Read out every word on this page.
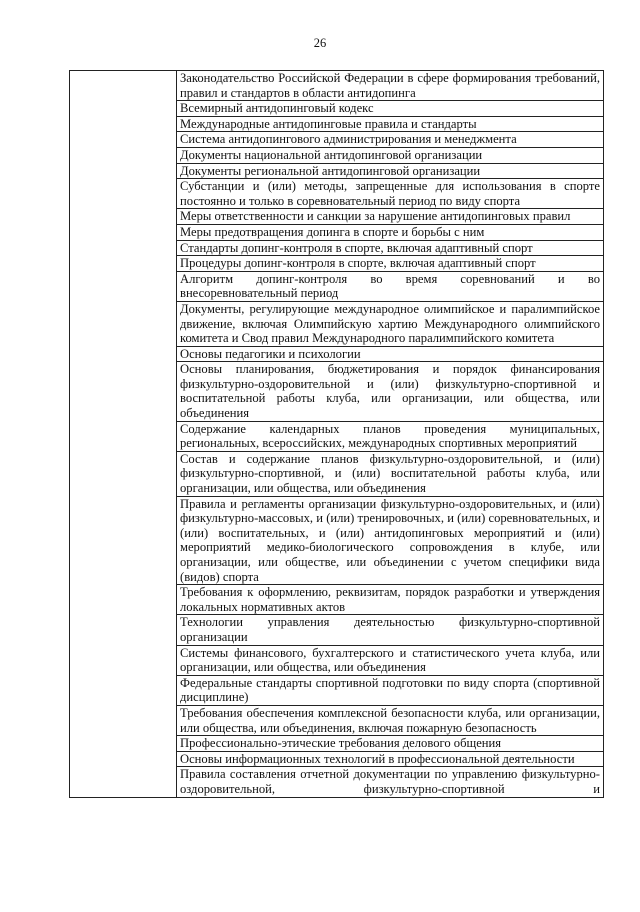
26
	Законодательство Российской Федерации в сфере формирования требований, правил и стандартов в области антидопинга
Всемирный антидопинговый кодекс
Международные антидопинговые правила и стандарты
Система антидопингового администрирования и менеджмента
Документы национальной антидопинговой организации
Документы региональной антидопинговой организации
Субстанции и (или) методы, запрещенные для использования в спорте постоянно и только в соревновательный период по виду спорта
Меры ответственности и санкции за нарушение антидопинговых правил
Меры предотвращения допинга в спорте и борьбы с ним
Стандарты допинг-контроля в спорте, включая адаптивный спорт
Процедуры допинг-контроля в спорте, включая адаптивный спорт
Алгоритм допинг-контроля во время соревнований и во внесоревновательный период
Документы, регулирующие международное олимпийское и паралимпийское движение, включая Олимпийскую хартию Международного олимпийского комитета и Свод правил Международного паралимпийского комитета
Основы педагогики и психологии
Основы планирования, бюджетирования и порядок финансирования физкультурно-оздоровительной и (или) физкультурно-спортивной и воспитательной работы клуба, или организации, или общества, или объединения
Содержание календарных планов проведения муниципальных, региональных, всероссийских, международных спортивных мероприятий
Состав и содержание планов физкультурно-оздоровительной, и (или) физкультурно-спортивной, и (или) воспитательной работы клуба, или организации, или общества, или объединения
Правила и регламенты организации физкультурно-оздоровительных, и (или) физкультурно-массовых, и (или) тренировочных, и (или) соревновательных, и (или) воспитательных, и (или) антидопинговых мероприятий и (или) мероприятий медико-биологического сопровождения в клубе, или организации, или обществе, или объединении с учетом специфики вида (видов) спорта
Требования к оформлению, реквизитам, порядок разработки и утверждения локальных нормативных актов
Технологии управления деятельностью физкультурно-спортивной организации
Системы финансового, бухгалтерского и статистического учета клуба, или организации, или общества, или объединения
Федеральные стандарты спортивной подготовки по виду спорта (спортивной дисциплине)
Требования обеспечения комплексной безопасности клуба, или организации, или общества, или объединения, включая пожарную безопасность
Профессионально-этические требования делового общения
Основы информационных технологий в профессиональной деятельности
Правила составления отчетной документации по управлению физкультурно-оздоровительной, физкультурно-спортивной и
